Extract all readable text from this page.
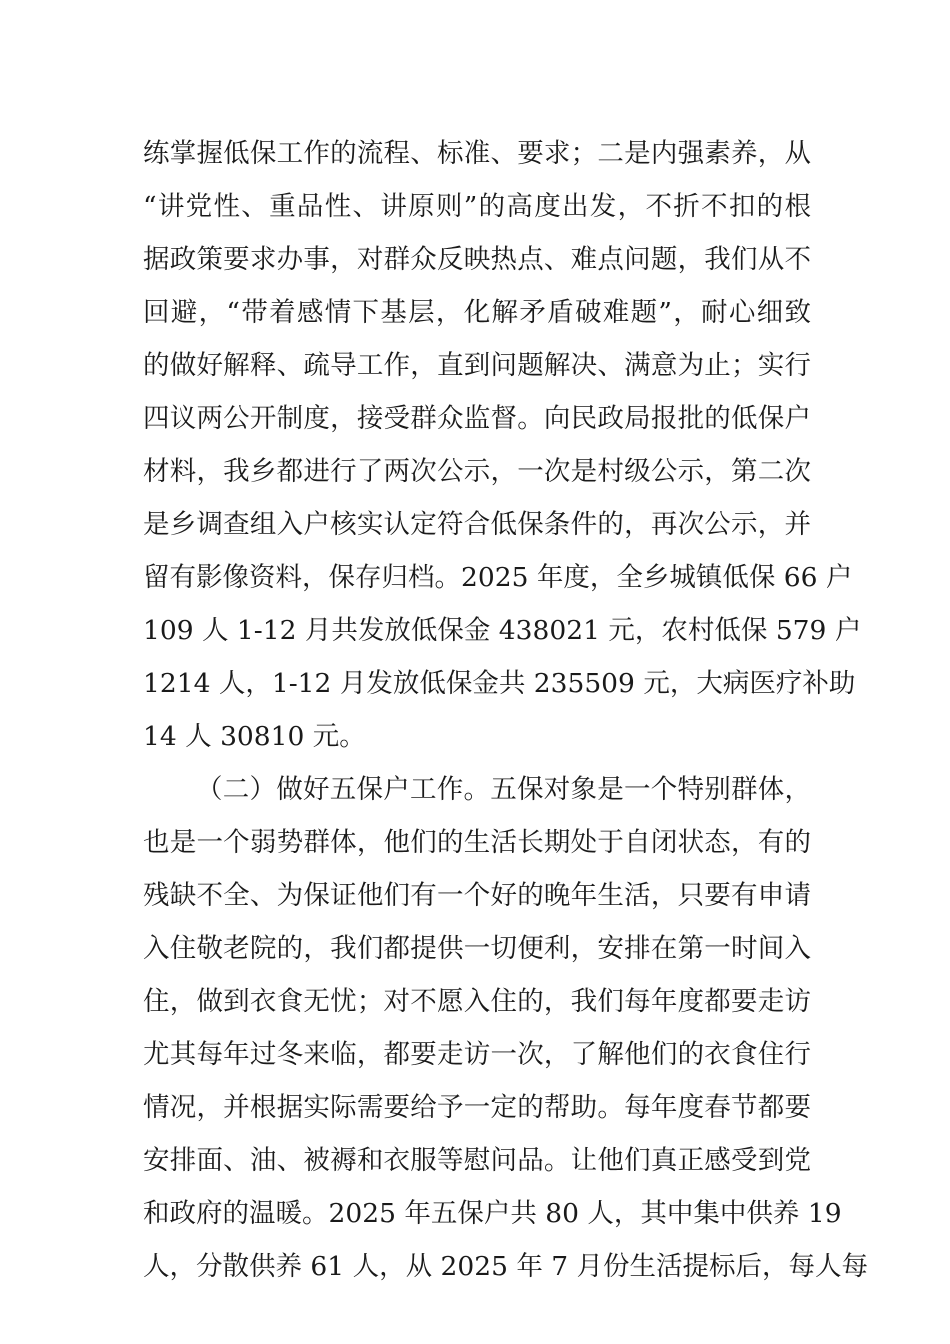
练掌握低保工作的流程、标准、要求；二是内强素养，从
“讲党性、重品性、讲原则”的高度出发，不折不扣的根
据政策要求办事，对群众反映热点、难点问题，我们从不
回避，“带着感情下基层，化解矛盾破难题”，耐心细致
的做好解释、疏导工作，直到问题解决、满意为止；实行
四议两公开制度，接受群众监督。向民政局报批的低保户
材料，我乡都进行了两次公示，一次是村级公示，第二次
是乡调查组入户核实认定符合低保条件的，再次公示，并
留有影像资料，保存归档。2025 年度，全乡城镇低保 66 户
109 人 1-12 月共发放低保金 438021 元，农村低保 579 户
1214 人，1-12 月发放低保金共 235509 元，大病医疗补助
14 人 30810 元。
（二）做好五保户工作。五保对象是一个特别群体，
也是一个弱势群体，他们的生活长期处于自闭状态，有的
残缺不全、为保证他们有一个好的晚年生活，只要有申请
入住敬老院的，我们都提供一切便利，安排在第一时间入
住，做到衣食无忧；对不愿入住的，我们每年度都要走访
尤其每年过冬来临，都要走访一次，了解他们的衣食住行
情况，并根据实际需要给予一定的帮助。每年度春节都要
安排面、油、被褥和衣服等慰问品。让他们真正感受到党
和政府的温暖。2025 年五保户共 80 人，其中集中供养 19
人，分散供养 61 人，从 2025 年 7 月份生活提标后，每人每
